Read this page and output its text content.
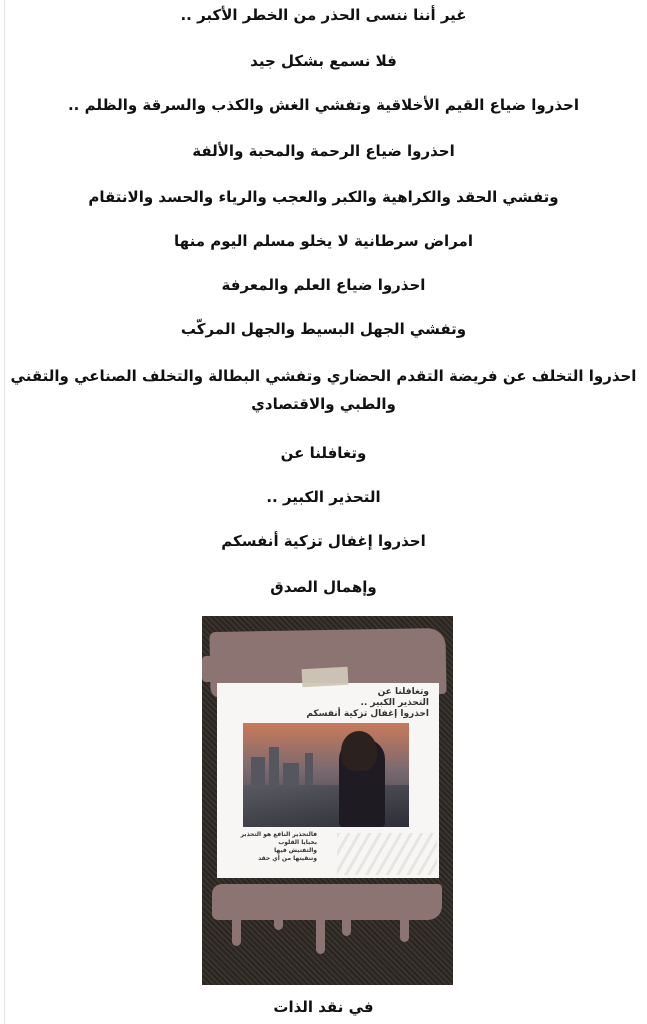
غير أننا ننسى الحذر من الخطر الأكبر ..
فلا نسمع بشكل جيد
احذروا ضياع القيم الأخلاقية وتفشي الغش والكذب والسرقة والظلم ..
احذروا ضياع الرحمة والمحبة والألفة
وتفشي الحقد والكراهية والكبر والعجب والرياء والحسد والانتقام
امراض سرطانية لا يخلو مسلم اليوم منها
احذروا ضياع العلم والمعرفة
وتفشي الجهل البسيط والجهل المركّب
احذروا التخلف عن فريضة التقدم الحضاري وتفشي البطالة والتخلف الصناعي والتقني والطبي والاقتصادي
وتغافلنا عن
التحذير الكبير ..
احذروا إغفال تزكية أنفسكم
وإهمال الصدق
في نقد الذات
وتغافلنا عن
التحذير الكبير ..
احذروا إغفال تزكية أنفسكم
فالتحذير النافع هو التحذير
بخبايا القلوب
والتفتيش فيها
وتنقيتها من أي حقد
